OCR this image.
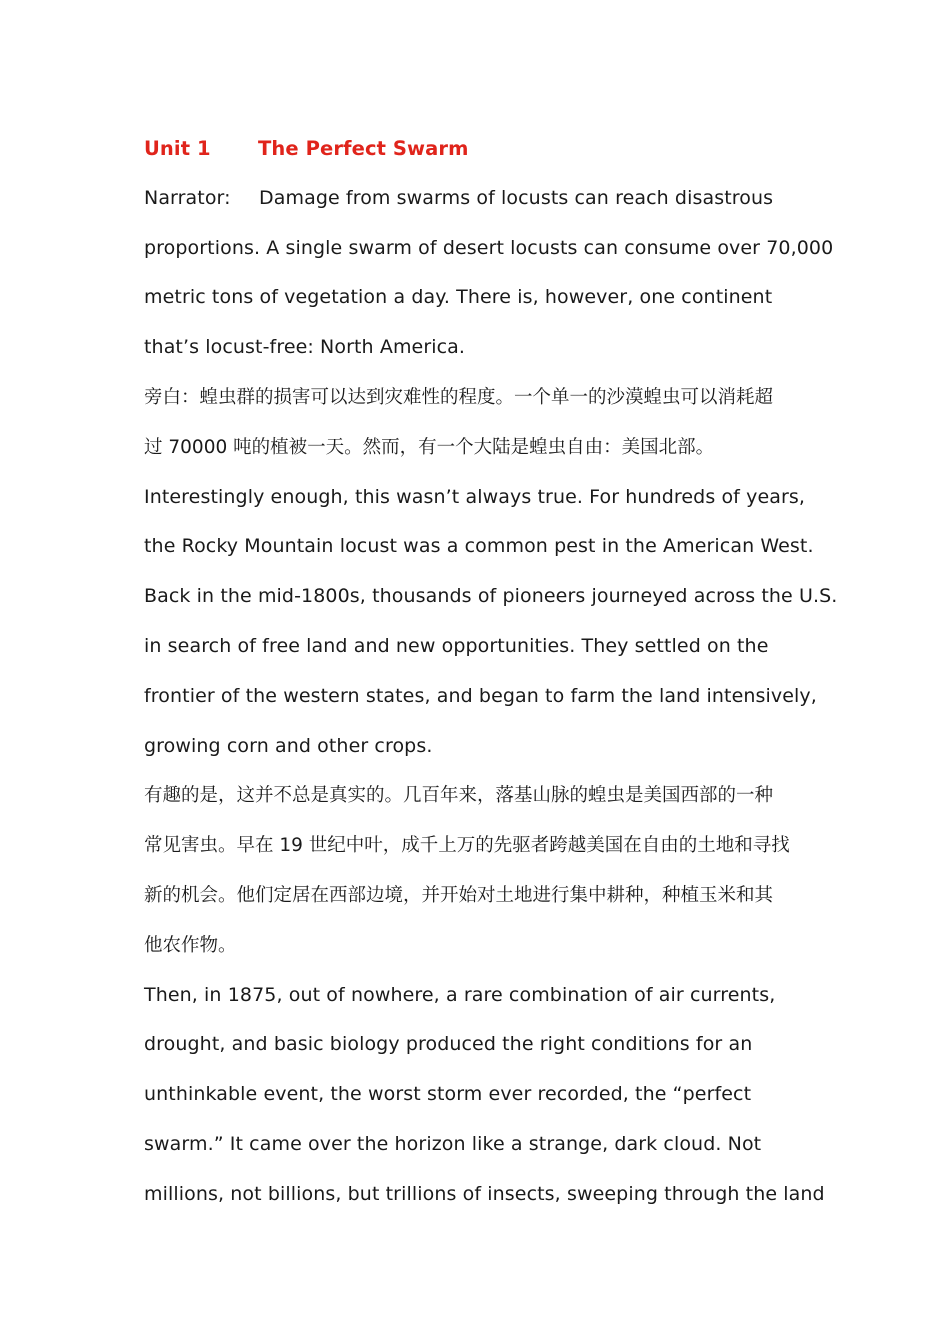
Unit 1 The Perfect Swarm
Narrator: Damage from swarms of locusts can reach disastrous
proportions. A single swarm of desert locusts can consume over 70,000
metric tons of vegetation a day. There is, however, one continent
that’s locust-free: North America.
旁白：蝗虫群的损害可以达到灾难性的程度。一个单一的沙漠蝗虫可以消耗超
过 70000 吨的植被一天。然而，有一个大陆是蝗虫自由：美国北部。
Interestingly enough, this wasn’t always true. For hundreds of years,
the Rocky Mountain locust was a common pest in the American West.
Back in the mid-1800s, thousands of pioneers journeyed across the U.S.
in search of free land and new opportunities. They settled on the
frontier of the western states, and began to farm the land intensively,
growing corn and other crops.
有趣的是，这并不总是真实的。几百年来，落基山脉的蝗虫是美国西部的一种
常见害虫。早在 19 世纪中叶，成千上万的先驱者跨越美国在自由的土地和寻找
新的机会。他们定居在西部边境，并开始对土地进行集中耕种，种植玉米和其
他农作物。
Then, in 1875, out of nowhere, a rare combination of air currents,
drought, and basic biology produced the right conditions for an
unthinkable event, the worst storm ever recorded, the “perfect
swarm.” It came over the horizon like a strange, dark cloud. Not
millions, not billions, but trillions of insects, sweeping through the land
